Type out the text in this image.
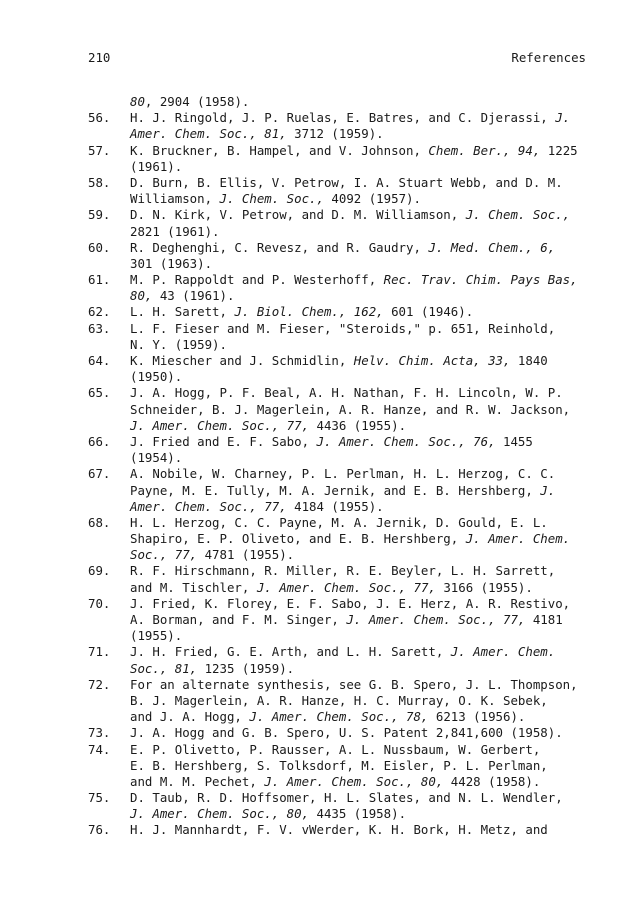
210	References
80, 2904 (1958).
56. H. J. Ringold, J. P. Ruelas, E. Batres, and C. Djerassi, J.
Amer. Chem. Soc., 81, 3712 (1959).
57. K. Bruckner, B. Hampel, and V. Johnson, Chem. Ber., 94, 1225
(1961).
58. D. Burn, B. Ellis, V. Petrow, I. A. Stuart Webb, and D. M.
Williamson, J. Chem. Soc., 4092 (1957).
59. D. N. Kirk, V. Petrow, and D. M. Williamson, J. Chem. Soc.,
2821 (1961).
60. R. Deghenghi, C. Revesz, and R. Gaudry, J. Med. Chem., 6,
301 (1963).
61. M. P. Rappoldt and P. Westerhoff, Rec. Trav. Chim. Pays Bas,
80, 43 (1961).
62. L. H. Sarett, J. Biol. Chem., 162, 601 (1946).
63. L. F. Fieser and M. Fieser, "Steroids," p. 651, Reinhold,
N. Y. (1959).
64. K. Miescher and J. Schmidlin, Helv. Chim. Acta, 33, 1840
(1950).
65. J. A. Hogg, P. F. Beal, A. H. Nathan, F. H. Lincoln, W. P.
Schneider, B. J. Magerlein, A. R. Hanze, and R. W. Jackson,
J. Amer. Chem. Soc., 77, 4436 (1955).
66. J. Fried and E. F. Sabo, J. Amer. Chem. Soc., 76, 1455
(1954).
67. A. Nobile, W. Charney, P. L. Perlman, H. L. Herzog, C. C.
Payne, M. E. Tully, M. A. Jernik, and E. B. Hershberg, J.
Amer. Chem. Soc., 77, 4184 (1955).
68. H. L. Herzog, C. C. Payne, M. A. Jernik, D. Gould, E. L.
Shapiro, E. P. Oliveto, and E. B. Hershberg, J. Amer. Chem.
Soc., 77, 4781 (1955).
69. R. F. Hirschmann, R. Miller, R. E. Beyler, L. H. Sarrett,
and M. Tischler, J. Amer. Chem. Soc., 77, 3166 (1955).
70. J. Fried, K. Florey, E. F. Sabo, J. E. Herz, A. R. Restivo,
A. Borman, and F. M. Singer, J. Amer. Chem. Soc., 77, 4181
(1955).
71. J. H. Fried, G. E. Arth, and L. H. Sarett, J. Amer. Chem.
Soc., 81, 1235 (1959).
72. For an alternate synthesis, see G. B. Spero, J. L. Thompson,
B. J. Magerlein, A. R. Hanze, H. C. Murray, O. K. Sebek,
and J. A. Hogg, J. Amer. Chem. Soc., 78, 6213 (1956).
73. J. A. Hogg and G. B. Spero, U. S. Patent 2,841,600 (1958).
74. E. P. Olivetto, P. Rausser, A. L. Nussbaum, W. Gerbert,
E. B. Hershberg, S. Tolksdorf, M. Eisler, P. L. Perlman,
and M. M. Pechet, J. Amer. Chem. Soc., 80, 4428 (1958).
75. D. Taub, R. D. Hoffsomer, H. L. Slates, and N. L. Wendler,
J. Amer. Chem. Soc., 80, 4435 (1958).
76. H. J. Mannhardt, F. V. vWerder, K. H. Bork, H. Metz, and
